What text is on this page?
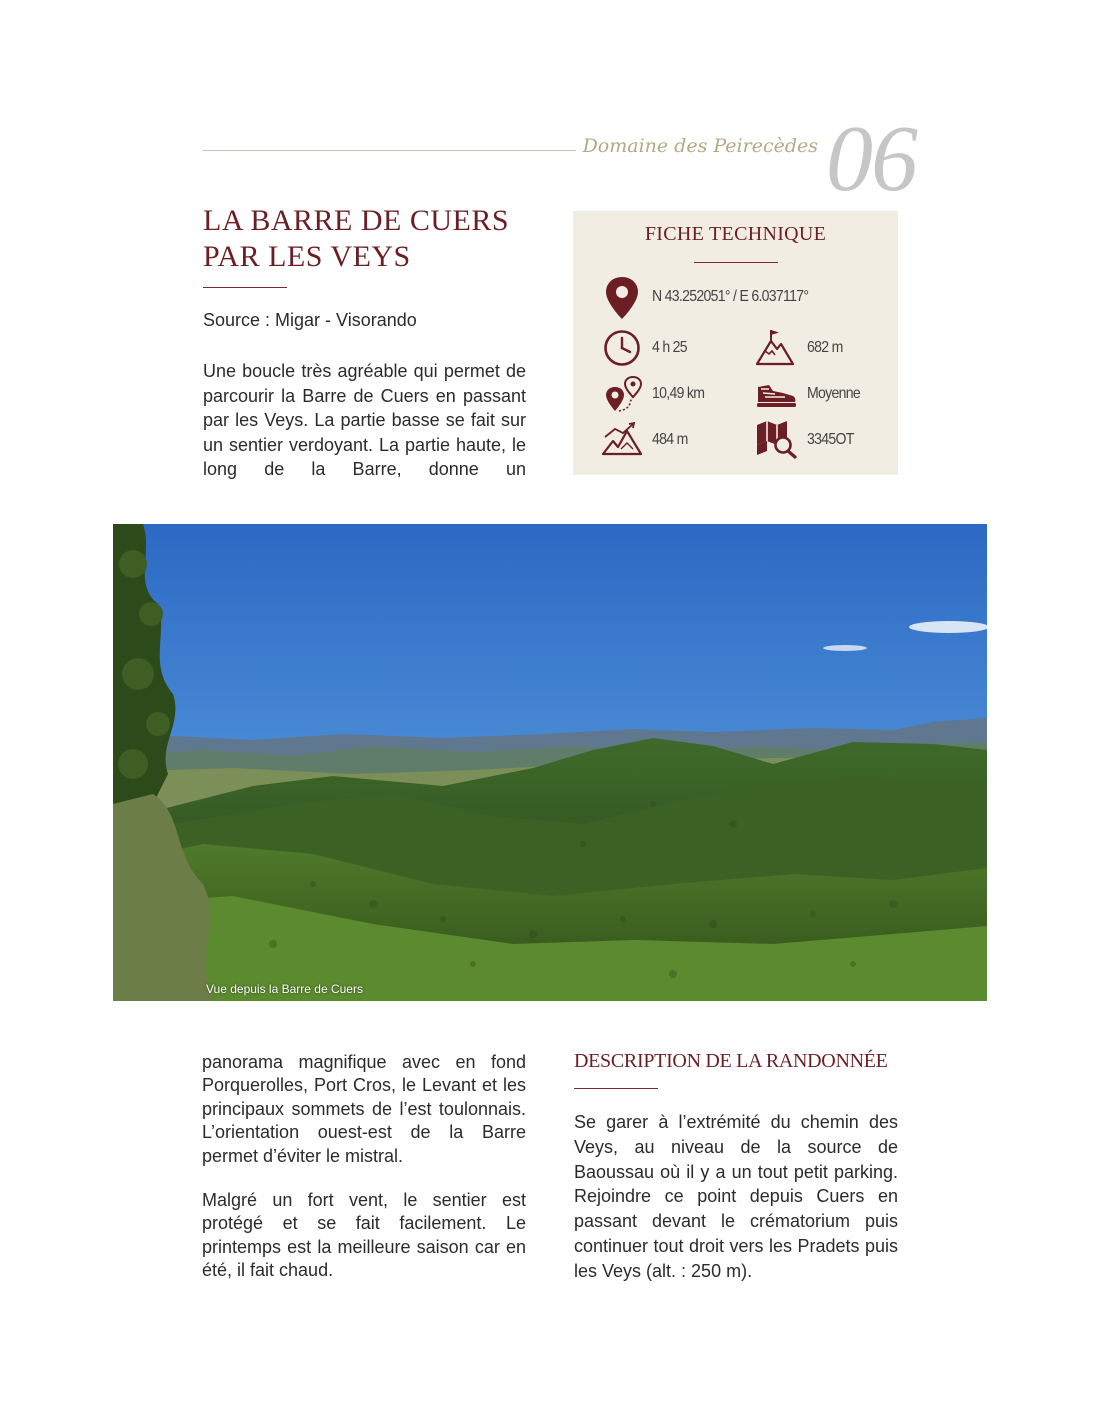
Domaine des Peirecèdes 06
LA BARRE DE CUERS
PAR LES VEYS
Source : Migar - Visorando
Une boucle très agréable qui permet de parcourir la Barre de Cuers en passant par les Veys. La partie basse se fait sur un sentier verdoyant. La partie haute, le long de la Barre, donne un
FICHE TECHNIQUE
N 43.252051° / E 6.037117°
4 h 25	682 m
10,49 km	Moyenne
484 m	3345OT
Vue depuis la Barre de Cuers
panorama magnifique avec en fond Porquerolles, Port Cros, le Levant et les principaux sommets de l’est toulonnais. L’orientation ouest-est de la Barre permet d’éviter le mistral.
Malgré un fort vent, le sentier est protégé et se fait facilement. Le printemps est la meilleure saison car en été, il fait chaud.
DESCRIPTION DE LA RANDONNÉE
Se garer à l’extrémité du chemin des Veys, au niveau de la source de Baoussau où il y a un tout petit parking. Rejoindre ce point depuis Cuers en passant devant le crématorium puis continuer tout droit vers les Pradets puis les Veys (alt. : 250 m).
